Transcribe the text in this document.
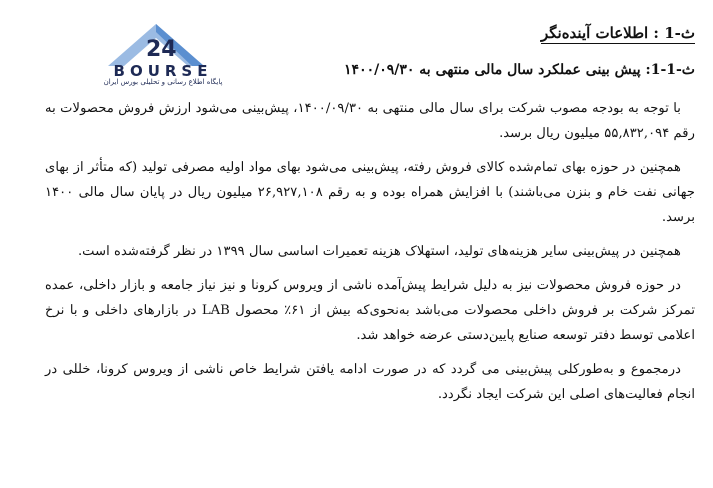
24
BOURSE
پایگاه اطلاع رسانی و تحلیلی بورس ایران
ث-1 : اطلاعات آینده‌نگر
ث-1-1: پیش بینی عملکرد سال مالی منتهی به ۱۴۰۰/۰۹/۳۰

با توجه به بودجه مصوب شرکت برای سال مالی منتهی به ۱۴۰۰/۰۹/۳۰، پیش‌بینی می‌شود ارزش فروش محصولات به رقم ۵۵,۸۳۲,۰۹۴ میلیون ریال برسد.

همچنین در حوزه بهای تمام‌شده کالای فروش رفته، پیش‌بینی می‌شود بهای مواد اولیه مصرفی تولید (که متأثر از بهای جهانی نفت خام و بنزن می‌باشند) با افزایش همراه بوده و به رقم ۲۶,۹۲۷,۱۰۸ میلیون ریال در پایان سال مالی ۱۴۰۰ برسد.

همچنین در پیش‌بینی سایر هزینه‌های تولید، استهلاک هزینه تعمیرات اساسی سال ۱۳۹۹ در نظر گرفته‌شده است.

در حوزه فروش محصولات نیز به دلیل شرایط پیش‌آمده ناشی از ویروس کرونا و نیز نیاز جامعه و بازار داخلی، عمده تمرکز شرکت بر فروش داخلی محصولات می‌باشد به‌نحوی‌که بیش از ۶۱٪ محصول LAB در بازارهای داخلی و با نرخ اعلامی توسط دفتر توسعه صنایع پایین‌دستی عرضه خواهد شد.

درمجموع و به‌طورکلی پیش‌بینی می گردد که در صورت ادامه یافتن شرایط خاص ناشی از ویروس کرونا، خللی در انجام فعالیت‌های اصلی این شرکت ایجاد نگردد.
